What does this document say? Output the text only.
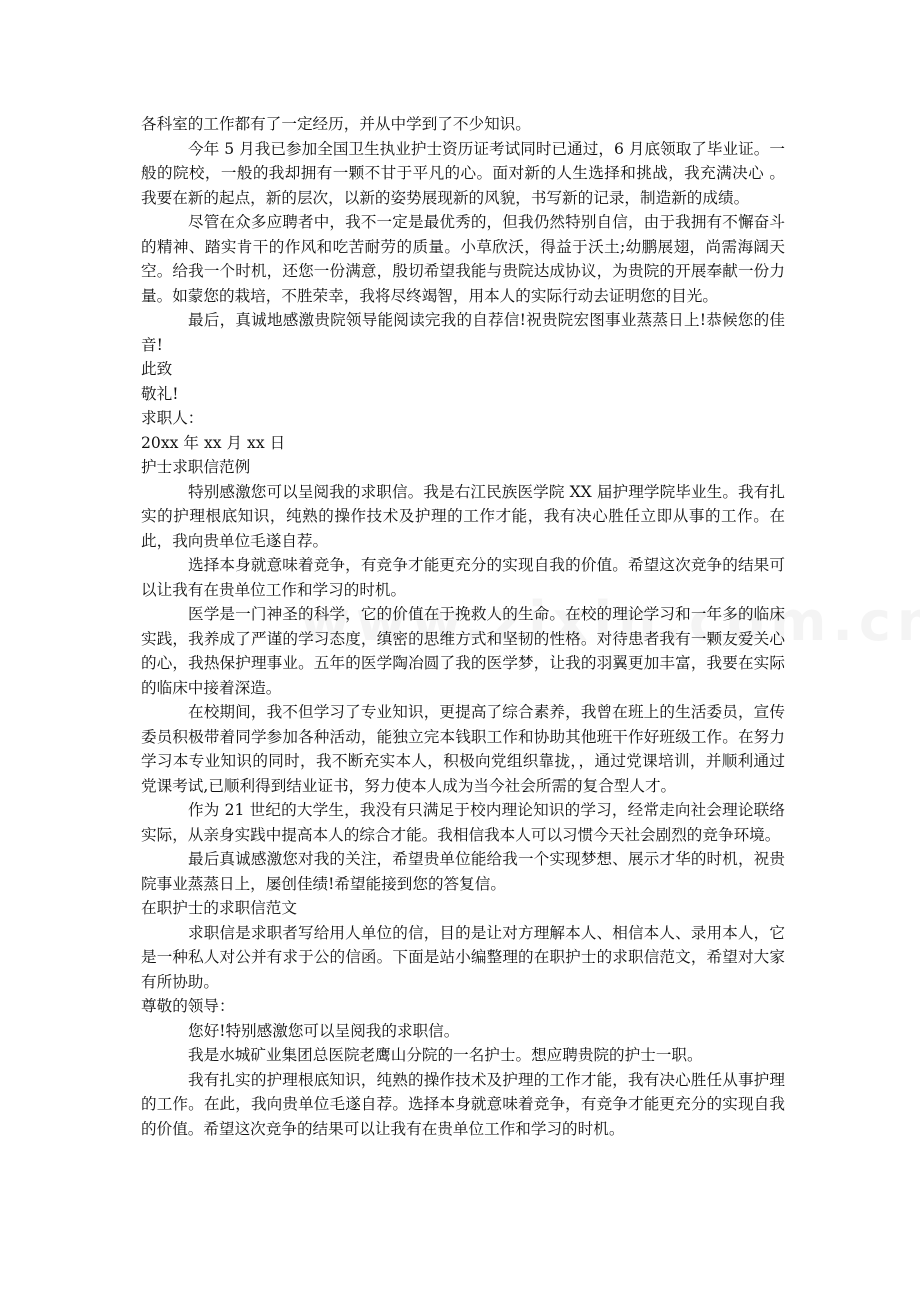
各科室的工作都有了一定经历，并从中学到了不少知识。

今年 5 月我已参加全国卫生执业护士资历证考试同时已通过，6 月底领取了毕业证。一般的院校，一般的我却拥有一颗不甘于平凡的心。面对新的人生选择和挑战，我充满决心 。我要在新的起点，新的层次，以新的姿势展现新的风貌，书写新的记录，制造新的成绩。

尽管在众多应聘者中，我不一定是最优秀的，但我仍然特别自信，由于我拥有不懈奋斗的精神、踏实肯干的作风和吃苦耐劳的质量。小草欣沃，得益于沃土;幼鹏展翅，尚需海阔天空。给我一个时机，还您一份满意，殷切希望我能与贵院达成协议，为贵院的开展奉献一份力量。如蒙您的栽培，不胜荣幸，我将尽终竭智，用本人的实际行动去证明您的目光。

最后，真诚地感激贵院领导能阅读完我的自荐信!祝贵院宏图事业蒸蒸日上!恭候您的佳音!

此致

敬礼!

求职人：

20xx 年 xx 月 xx 日

护士求职信范例

特别感激您可以呈阅我的求职信。我是右江民族医学院 XX 届护理学院毕业生。我有扎实的护理根底知识，纯熟的操作技术及护理的工作才能，我有决心胜任立即从事的工作。在此，我向贵单位毛遂自荐。

选择本身就意味着竞争，有竞争才能更充分的实现自我的价值。希望这次竞争的结果可以让我有在贵单位工作和学习的时机。

医学是一门神圣的科学，它的价值在于挽救人的生命。在校的理论学习和一年多的临床实践，我养成了严谨的学习态度，缜密的思维方式和坚韧的性格。对待患者我有一颗友爱关心的心，我热保护理事业。五年的医学陶冶圆了我的医学梦，让我的羽翼更加丰富，我要在实际的临床中接着深造。

在校期间，我不但学习了专业知识，更提高了综合素养，我曾在班上的生活委员，宣传委员积极带着同学参加各种活动，能独立完本钱职工作和协助其他班干作好班级工作。在努力学习本专业知识的同时，我不断充实本人，积极向党组织靠拢，，通过党课培训，并顺利通过党课考试,已顺利得到结业证书，努力使本人成为当今社会所需的复合型人才。

作为 21 世纪的大学生，我没有只满足于校内理论知识的学习，经常走向社会理论联络实际，从亲身实践中提高本人的综合才能。我相信我本人可以习惯今天社会剧烈的竞争环境。

最后真诚感激您对我的关注，希望贵单位能给我一个实现梦想、展示才华的时机，祝贵院事业蒸蒸日上，屡创佳绩!希望能接到您的答复信。

在职护士的求职信范文

求职信是求职者写给用人单位的信，目的是让对方理解本人、相信本人、录用本人，它是一种私人对公并有求于公的信函。下面是站小编整理的在职护士的求职信范文，希望对大家有所协助。

尊敬的领导：

您好!特别感激您可以呈阅我的求职信。

我是水城矿业集团总医院老鹰山分院的一名护士。想应聘贵院的护士一职。

我有扎实的护理根底知识，纯熟的操作技术及护理的工作才能，我有决心胜任从事护理的工作。在此，我向贵单位毛遂自荐。选择本身就意味着竞争，有竞争才能更充分的实现自我的价值。希望这次竞争的结果可以让我有在贵单位工作和学习的时机。
